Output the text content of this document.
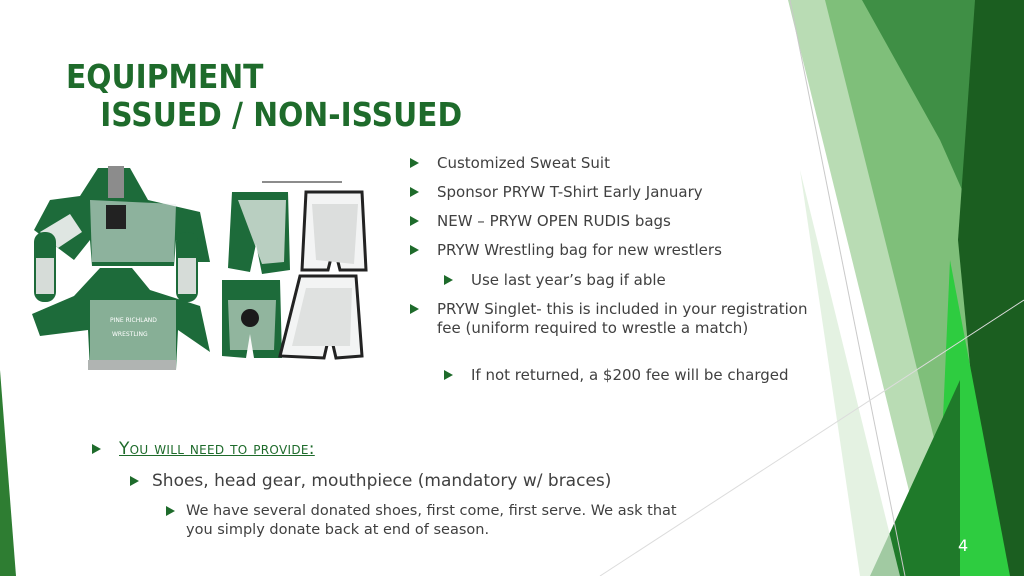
EQUIPMENT
ISSUED / NON-ISSUED
PINE RICHLAND
WRESTLING
Customized Sweat Suit
Sponsor PRYW T-Shirt Early January
NEW – PRYW OPEN RUDIS bags
PRYW Wrestling bag for new wrestlers
Use last year’s bag if able
PRYW Singlet- this is included in your registration fee (uniform required to wrestle a match)
If not returned, a $200 fee will be charged
You will need to provide:
Shoes, head gear, mouthpiece (mandatory w/ braces)
We have several donated shoes, first come, first serve. We ask that you simply donate back at end of season.
4
